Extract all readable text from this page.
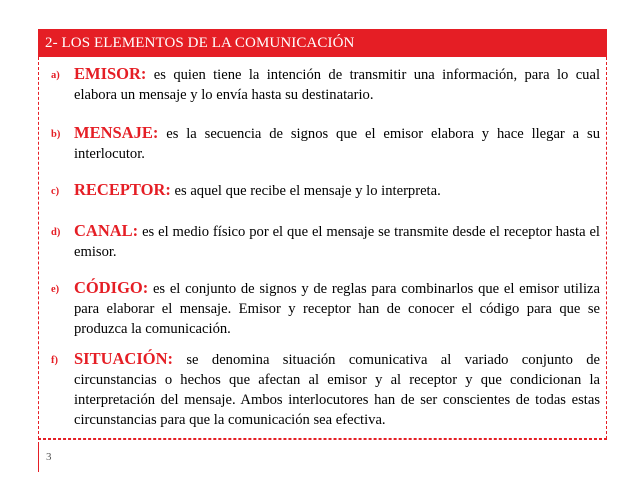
2- LOS ELEMENTOS DE LA COMUNICACIÓN
a) EMISOR: es quien tiene la intención de transmitir una información, para lo cual elabora un mensaje y lo envía hasta su destinatario.
b) MENSAJE: es la secuencia de signos que el emisor elabora y hace llegar a su interlocutor.
c) RECEPTOR: es aquel que recibe el mensaje y lo interpreta.
d) CANAL: es el medio físico por el que el mensaje se transmite desde el receptor hasta el emisor.
e) CÓDIGO: es el conjunto de signos y de reglas para combinarlos que el emisor utiliza para elaborar el mensaje. Emisor y receptor han de conocer el código para que se produzca la comunicación.
f) SITUACIÓN: se denomina situación comunicativa al variado conjunto de circunstancias o hechos que afectan al emisor y al receptor y que condicionan la interpretación del mensaje. Ambos interlocutores han de ser conscientes de todas estas circunstancias para que la comunicación sea efectiva.
3
